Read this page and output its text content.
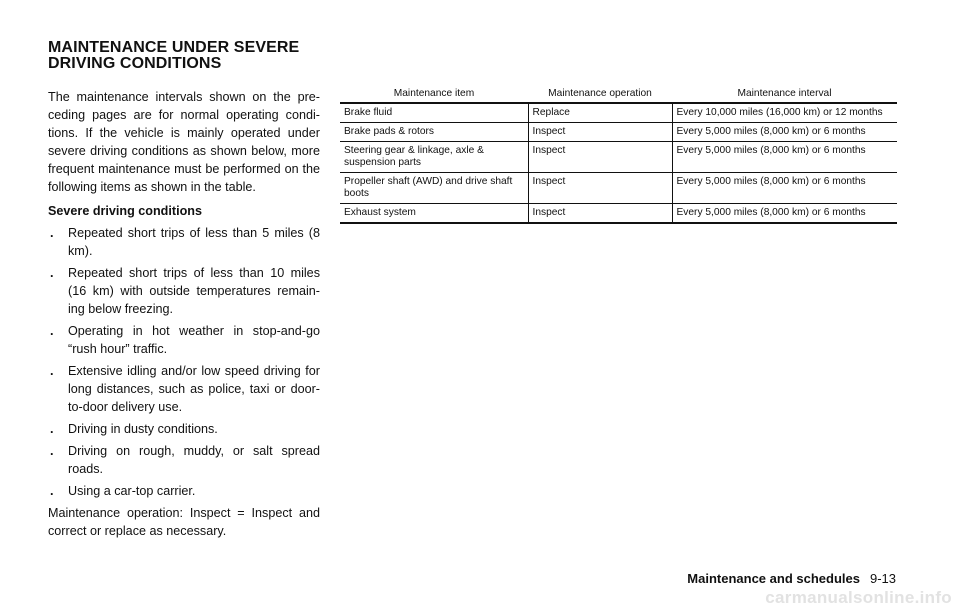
MAINTENANCE UNDER SEVERE
DRIVING CONDITIONS

The maintenance intervals shown on the pre-ceding pages are for normal operating condi-tions. If the vehicle is mainly operated under severe driving conditions as shown below, more frequent maintenance must be performed on the following items as shown in the table.

Severe driving conditions

. Repeated short trips of less than 5 miles (8 km).
. Repeated short trips of less than 10 miles (16 km) with outside temperatures remain-ing below freezing.
. Operating in hot weather in stop-and-go “rush hour” traffic.
. Extensive idling and/or low speed driving for long distances, such as police, taxi or door-to-door delivery use.
. Driving in dusty conditions.
. Driving on rough, muddy, or salt spread roads.
. Using a car-top carrier.

Maintenance operation: Inspect = Inspect and correct or replace as necessary.

Maintenance item	Maintenance operation	Maintenance interval
Brake fluid	Replace	Every 10,000 miles (16,000 km) or 12 months
Brake pads & rotors	Inspect	Every 5,000 miles (8,000 km) or 6 months
Steering gear & linkage, axle & suspension parts	Inspect	Every 5,000 miles (8,000 km) or 6 months
Propeller shaft (AWD) and drive shaft boots	Inspect	Every 5,000 miles (8,000 km) or 6 months
Exhaust system	Inspect	Every 5,000 miles (8,000 km) or 6 months
Maintenance and schedules 9-13
carmanualsonline.info
